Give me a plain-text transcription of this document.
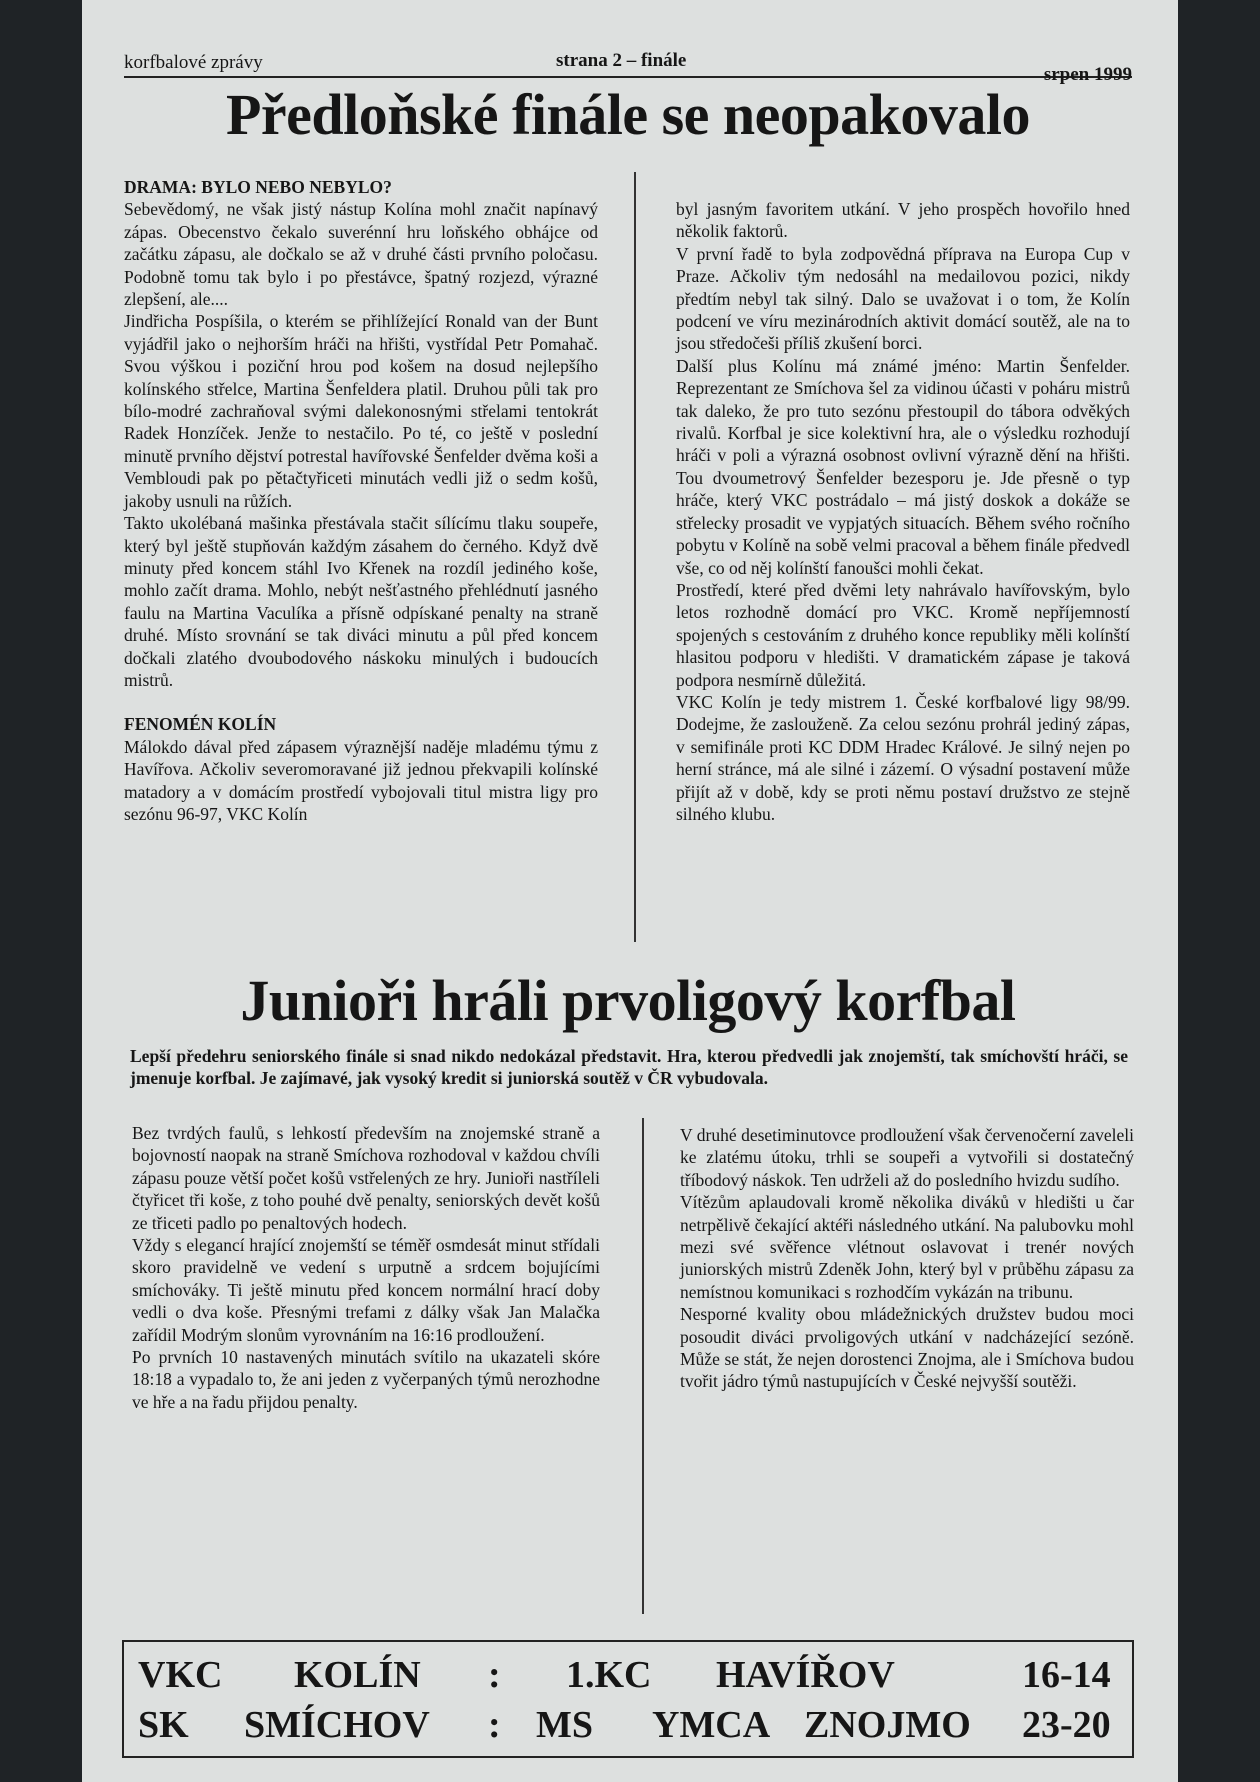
korfbalové zprávy	strana 2 – finále
srpen 1999
Předloňské finále se neopakovalo

DRAMA: BYLO NEBO NEBYLO?

Sebevědomý, ne však jistý nástup Kolína mohl značit napínavý zápas. Obecenstvo čekalo suverénní hru loňského obhájce od začátku zápasu, ale dočkalo se až v druhé části prvního poločasu. Podobně tomu tak bylo i po přestávce, špatný rozjezd, výrazné zlepšení, ale....

Jindřicha Pospíšila, o kterém se přihlížející Ronald van der Bunt vyjádřil jako o nejhorším hráči na hřišti, vystřídal Petr Pomahač. Svou výškou i poziční hrou pod košem na dosud nejlepšího kolínského střelce, Martina Šenfeldera platil. Druhou půli tak pro bílo-modré zachraňoval svými dalekonosnými střelami tentokrát Radek Honzíček. Jenže to nestačilo. Po té, co ještě v poslední minutě prvního dějství potrestal havířovské Šenfelder dvěma koši a Vembloudi pak po pětačtyřiceti minutách vedli již o sedm košů, jakoby usnuli na růžích.

Takto ukolébaná mašinka přestávala stačit sílícímu tlaku soupeře, který byl ještě stupňován každým zásahem do černého. Když dvě minuty před koncem stáhl Ivo Křenek na rozdíl jediného koše, mohlo začít drama. Mohlo, nebýt nešťastného přehlédnutí jasného faulu na Martina Vaculíka a přísně odpískané penalty na straně druhé. Místo srovnání se tak diváci minutu a půl před koncem dočkali zlatého dvoubodového náskoku minulých i budoucích mistrů.

FENOMÉN KOLÍN

Málokdo dával před zápasem výraznější naděje mladému týmu z Havířova. Ačkoliv severomoravané již jednou překvapili kolínské matadory a v domácím prostředí vybojovali titul mistra ligy pro sezónu 96-97, VKC Kolín

byl jasným favoritem utkání. V jeho prospěch hovořilo hned několik faktorů.

V první řadě to byla zodpovědná příprava na Europa Cup v Praze. Ačkoliv tým nedosáhl na medailovou pozici, nikdy předtím nebyl tak silný. Dalo se uvažovat i o tom, že Kolín podcení ve víru mezinárodních aktivit domácí soutěž, ale na to jsou středočeši příliš zkušení borci.

Další plus Kolínu má známé jméno: Martin Šenfelder. Reprezentant ze Smíchova šel za vidinou účasti v poháru mistrů tak daleko, že pro tuto sezónu přestoupil do tábora odvěkých rivalů. Korfbal je sice kolektivní hra, ale o výsledku rozhodují hráči v poli a výrazná osobnost ovlivní výrazně dění na hřišti. Tou dvoumetrový Šenfelder bezesporu je. Jde přesně o typ hráče, který VKC postrádalo – má jistý doskok a dokáže se střelecky prosadit ve vypjatých situacích. Během svého ročního pobytu v Kolíně na sobě velmi pracoval a během finále předvedl vše, co od něj kolínští fanoušci mohli čekat.

Prostředí, které před dvěmi lety nahrávalo havířovským, bylo letos rozhodně domácí pro VKC. Kromě nepříjemností spojených s cestováním z druhého konce republiky měli kolínští hlasitou podporu v hledišti. V dramatickém zápase je taková podpora nesmírně důležitá.

VKC Kolín je tedy mistrem 1. České korfbalové ligy 98/99. Dodejme, že zaslouženě. Za celou sezónu prohrál jediný zápas, v semifinále proti KC DDM Hradec Králové. Je silný nejen po herní stránce, má ale silné i zázemí. O výsadní postavení může přijít až v době, kdy se proti němu postaví družstvo ze stejně silného klubu.

Junioři hráli prvoligový korfbal
Lepší předehru seniorského finále si snad nikdo nedokázal představit. Hra, kterou předvedli jak znojemští, tak smíchovští hráči, se jmenuje korfbal. Je zajímavé, jak vysoký kredit si juniorská soutěž v ČR vybudovala.

Bez tvrdých faulů, s lehkostí především na znojemské straně a bojovností naopak na straně Smíchova rozhodoval v každou chvíli zápasu pouze větší počet košů vstřelených ze hry. Junioři nastříleli čtyřicet tři koše, z toho pouhé dvě penalty, seniorských devět košů ze třiceti padlo po penaltových hodech.

Vždy s elegancí hrající znojemští se téměř osmdesát minut střídali skoro pravidelně ve vedení s urputně a srdcem bojujícími smíchováky. Ti ještě minutu před koncem normální hrací doby vedli o dva koše. Přesnými trefami z dálky však Jan Malačka zařídil Modrým slonům vyrovnáním na 16:16 prodloužení.

Po prvních 10 nastavených minutách svítilo na ukazateli skóre 18:18 a vypadalo to, že ani jeden z vyčerpaných týmů nerozhodne ve hře a na řadu přijdou penalty.

V druhé desetiminutovce prodloužení však červenočerní zaveleli ke zlatému útoku, trhli se soupeři a vytvořili si dostatečný tříbodový náskok. Ten udrželi až do posledního hvizdu sudího.

Vítězům aplaudovali kromě několika diváků v hledišti u čar netrpělivě čekající aktéři následného utkání. Na palubovku mohl mezi své svěřence vlétnout oslavovat i trenér nových juniorských mistrů Zdeněk John, který byl v průběhu zápasu za nemístnou komunikaci s rozhodčím vykázán na tribunu.

Nesporné kvality obou mládežnických družstev budou moci posoudit diváci prvoligových utkání v nadcházející sezóně. Může se stát, že nejen dorostenci Znojma, ale i Smíchova budou tvořit jádro týmů nastupujících v České nejvyšší soutěži.

VKC KOLÍN : 1.KC HAVÍŘOV	16-14
SK SMÍCHOV : MS YMCA ZNOJMO 23-20
